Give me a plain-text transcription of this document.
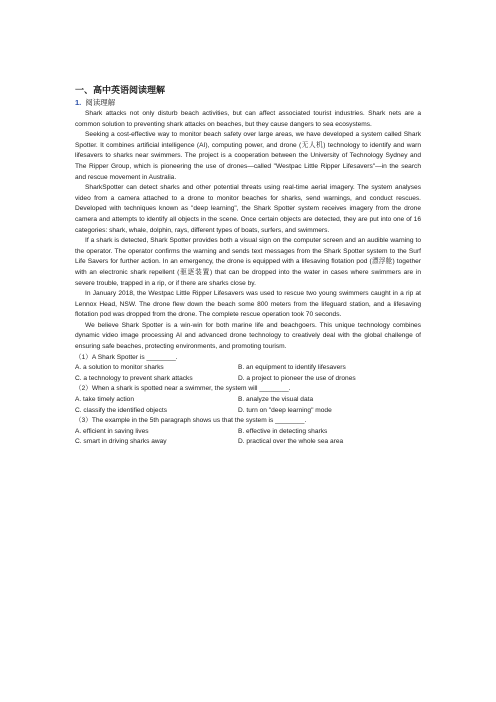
一、高中英语阅读理解
1. 阅读理解

Shark attacks not only disturb beach activities, but can affect associated tourist industries. Shark nets are a common solution to preventing shark attacks on beaches, but they cause dangers to sea ecosystems.

Seeking a cost-effective way to monitor beach safety over large areas, we have developed a system called Shark Spotter. It combines artificial intelligence (AI), computing power, and drone (无人机) technology to identify and warn lifesavers to sharks near swimmers. The project is a cooperation between the University of Technology Sydney and The Ripper Group, which is pioneering the use of drones—called "Westpac Little Ripper Lifesavers"—in the search and rescue movement in Australia.

SharkSpotter can detect sharks and other potential threats using real-time aerial imagery. The system analyses video from a camera attached to a drone to monitor beaches for sharks, send warnings, and conduct rescues. Developed with techniques known as "deep learning", the Shark Spotter system receives imagery from the drone camera and attempts to identify all objects in the scene. Once certain objects are detected, they are put into one of 16 categories: shark, whale, dolphin, rays, different types of boats, surfers, and swimmers.

If a shark is detected, Shark Spotter provides both a visual sign on the computer screen and an audible warning to the operator. The operator confirms the warning and sends text messages from the Shark Spotter system to the Surf Life Savers for further action. In an emergency, the drone is equipped with a lifesaving flotation pod (漂浮舱) together with an electronic shark repellent (驱逐装置) that can be dropped into the water in cases where swimmers are in severe trouble, trapped in a rip, or if there are sharks close by.

In January 2018, the Westpac Little Ripper Lifesavers was used to rescue two young swimmers caught in a rip at Lennox Head, NSW. The drone flew down the beach some 800 meters from the lifeguard station, and a lifesaving flotation pod was dropped from the drone. The complete rescue operation took 70 seconds.

We believe Shark Spotter is a win-win for both marine life and beachgoers. This unique technology combines dynamic video image processing AI and advanced drone technology to creatively deal with the global challenge of ensuring safe beaches, protecting environments, and promoting tourism.

（1）A Shark Spotter is ________.

A. a solution to monitor sharks	B. an equipment to identify lifesavers
C. a technology to prevent shark attacks	D. a project to pioneer the use of drones

（2）When a shark is spotted near a swimmer, the system will ________.

A. take timely action	B. analyze the visual data
C. classify the identified objects	D. turn on "deep learning" mode

（3）The example in the 5th paragraph shows us that the system is ________.

A. efficient in saving lives	B. effective in detecting sharks
C. smart in driving sharks away	D. practical over the whole sea area
